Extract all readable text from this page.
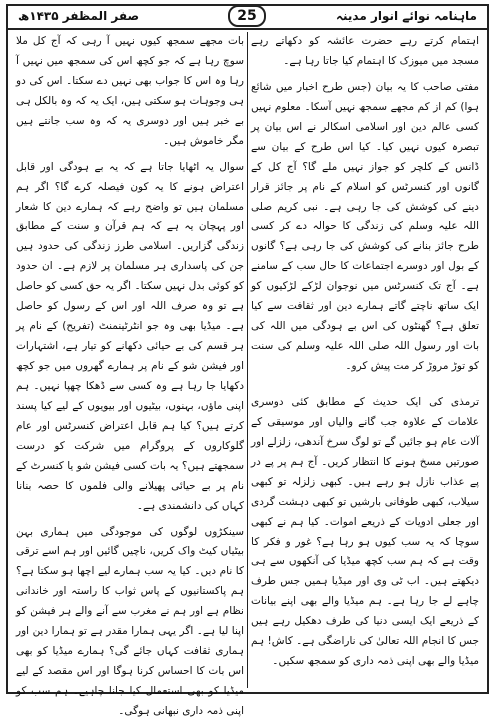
ماہنامہ نوائے انوار مدینہ
25
صفر المظفر ۱۴۳۵ھ

اہتمام کرتے رہے حضرت عائشہ کو دکھاتے رہے مسجد میں میوزک کا اہتمام کیا جاتا رہا ہے۔

مفتی صاحب کا یہ بیان (جس طرح اخبار میں شائع ہوا) کم از کم مجھے سمجھ نہیں آسکا۔ معلوم نہیں کسی عالم دین اور اسلامی اسکالر نے اس بیان پر تبصرہ کیوں نہیں کیا۔ کیا اس طرح کے بیان سے ڈانس کے کلچر کو جواز نہیں ملے گا؟ آج کل کے گانوں اور کنسرٹس کو اسلام کے نام پر جائز قرار دینے کی کوشش کی جا رہی ہے۔ نبی کریم صلی اللہ علیہ وسلم کی زندگی کا حوالہ دے کر کسی طرح جائز بنانے کی کوشش کی جا رہی ہے؟ گانوں کے بول اور دوسرے اجتماعات کا حال سب کے سامنے ہے۔ آج تک کنسرٹس میں نوجوان لڑکے لڑکیوں کو ایک ساتھ ناچتے گاتے ہمارے دین اور ثقافت سے کیا تعلق ہے؟ گھنٹوں کی اس بے ہودگی میں اللہ کی بات اور رسول اللہ صلی اللہ علیہ وسلم کی سنت کو توڑ مروڑ کر مت پیش کرو۔

ترمذی کی ایک حدیث کے مطابق کئی دوسری علامات کے علاوہ جب گانے والیاں اور موسیقی کے آلات عام ہو جائیں گے تو لوگ سرخ آندھی، زلزلے اور صورتیں مسخ ہونے کا انتظار کریں۔ آج ہم پر پے در پے عذاب نازل ہو رہے ہیں۔ کبھی زلزلہ تو کبھی سیلاب، کبھی طوفانی بارشیں تو کبھی دہشت گردی اور جعلی ادویات کے ذریعے اموات۔ کیا ہم نے کبھی سوچا کہ یہ سب کیوں ہو رہا ہے؟ غور و فکر کا وقت ہے کہ ہم سب کچھ میڈیا کی آنکھوں سے ہی دیکھتے ہیں۔ اب ٹی وی اور میڈیا ہمیں جس طرف چاہے لے جا رہا ہے۔ ہم میڈیا والے بھی اپنے بیانات کے ذریعے ایک ایسی دنیا کی طرف دھکیل رہے ہیں جس کا انجام اللہ تعالیٰ کی ناراضگی ہے۔ کاش! ہم میڈیا والے بھی اپنی ذمہ داری کو سمجھ سکیں۔

بات مجھے سمجھ کیوں نہیں آ رہی کہ آج کل ملا سوچ رہا ہے کہ جو کچھ اس کی سمجھ میں نہیں آ رہا وہ اس کا جواب بھی نہیں دے سکتا۔ اس کی دو ہی وجوہات ہو سکتی ہیں، ایک یہ کہ وہ بالکل ہی بے خبر ہیں اور دوسری یہ کہ وہ سب جانتے ہیں مگر خاموش ہیں۔

سوال یہ اٹھایا جاتا ہے کہ یہ بے ہودگی اور قابل اعتراض ہونے کا یہ کون فیصلہ کرے گا؟ اگر ہم مسلمان ہیں تو واضح رہے کہ ہمارے دین کا شعار اور پہچان یہ ہے کہ ہم قرآن و سنت کے مطابق زندگی گزاریں۔ اسلامی طرز زندگی کی حدود ہیں جن کی پاسداری ہر مسلمان پر لازم ہے۔ ان حدود کو کوئی بدل نہیں سکتا۔ اگر یہ حق کسی کو حاصل ہے تو وہ صرف اللہ اور اس کے رسول کو حاصل ہے۔ میڈیا بھی وہ جو انٹرٹینمنٹ (تفریح) کے نام پر ہر قسم کی بے حیائی دکھانے کو تیار ہے، اشتہارات اور فیشن شو کے نام پر ہمارے گھروں میں جو کچھ دکھایا جا رہا ہے وہ کسی سے ڈھکا چھپا نہیں۔ ہم اپنی ماؤں، بہنوں، بیٹیوں اور بیویوں کے لیے کیا پسند کرتے ہیں؟ کیا ہم قابل اعتراض کنسرٹس اور عام گلوکاروں کے پروگرام میں شرکت کو درست سمجھتے ہیں؟ یہ بات کسی فیشن شو یا کنسرٹ کے نام پر بے حیائی پھیلانے والی فلموں کا حصہ بنانا کہاں کی دانشمندی ہے۔

سینکڑوں لوگوں کی موجودگی میں ہماری بہن بیٹیاں کیٹ واک کریں، ناچیں گائیں اور ہم اسے ترقی کا نام دیں۔ کیا یہ سب ہمارے لیے اچھا ہو سکتا ہے؟ ہم پاکستانیوں کے پاس ثواب کا راستہ اور خاندانی نظام ہے اور ہم نے مغرب سے آنے والے ہر فیشن کو اپنا لیا ہے۔ اگر یہی ہمارا مقدر ہے تو ہمارا دین اور ہماری ثقافت کہاں جائے گی؟ ہمارے میڈیا کو بھی اس بات کا احساس کرنا ہوگا اور اس مقصد کے لیے میڈیا کو بھی استعمال کیا جانا چاہیے۔ ہم سب کو اپنی ذمہ داری نبھانی ہوگی۔
